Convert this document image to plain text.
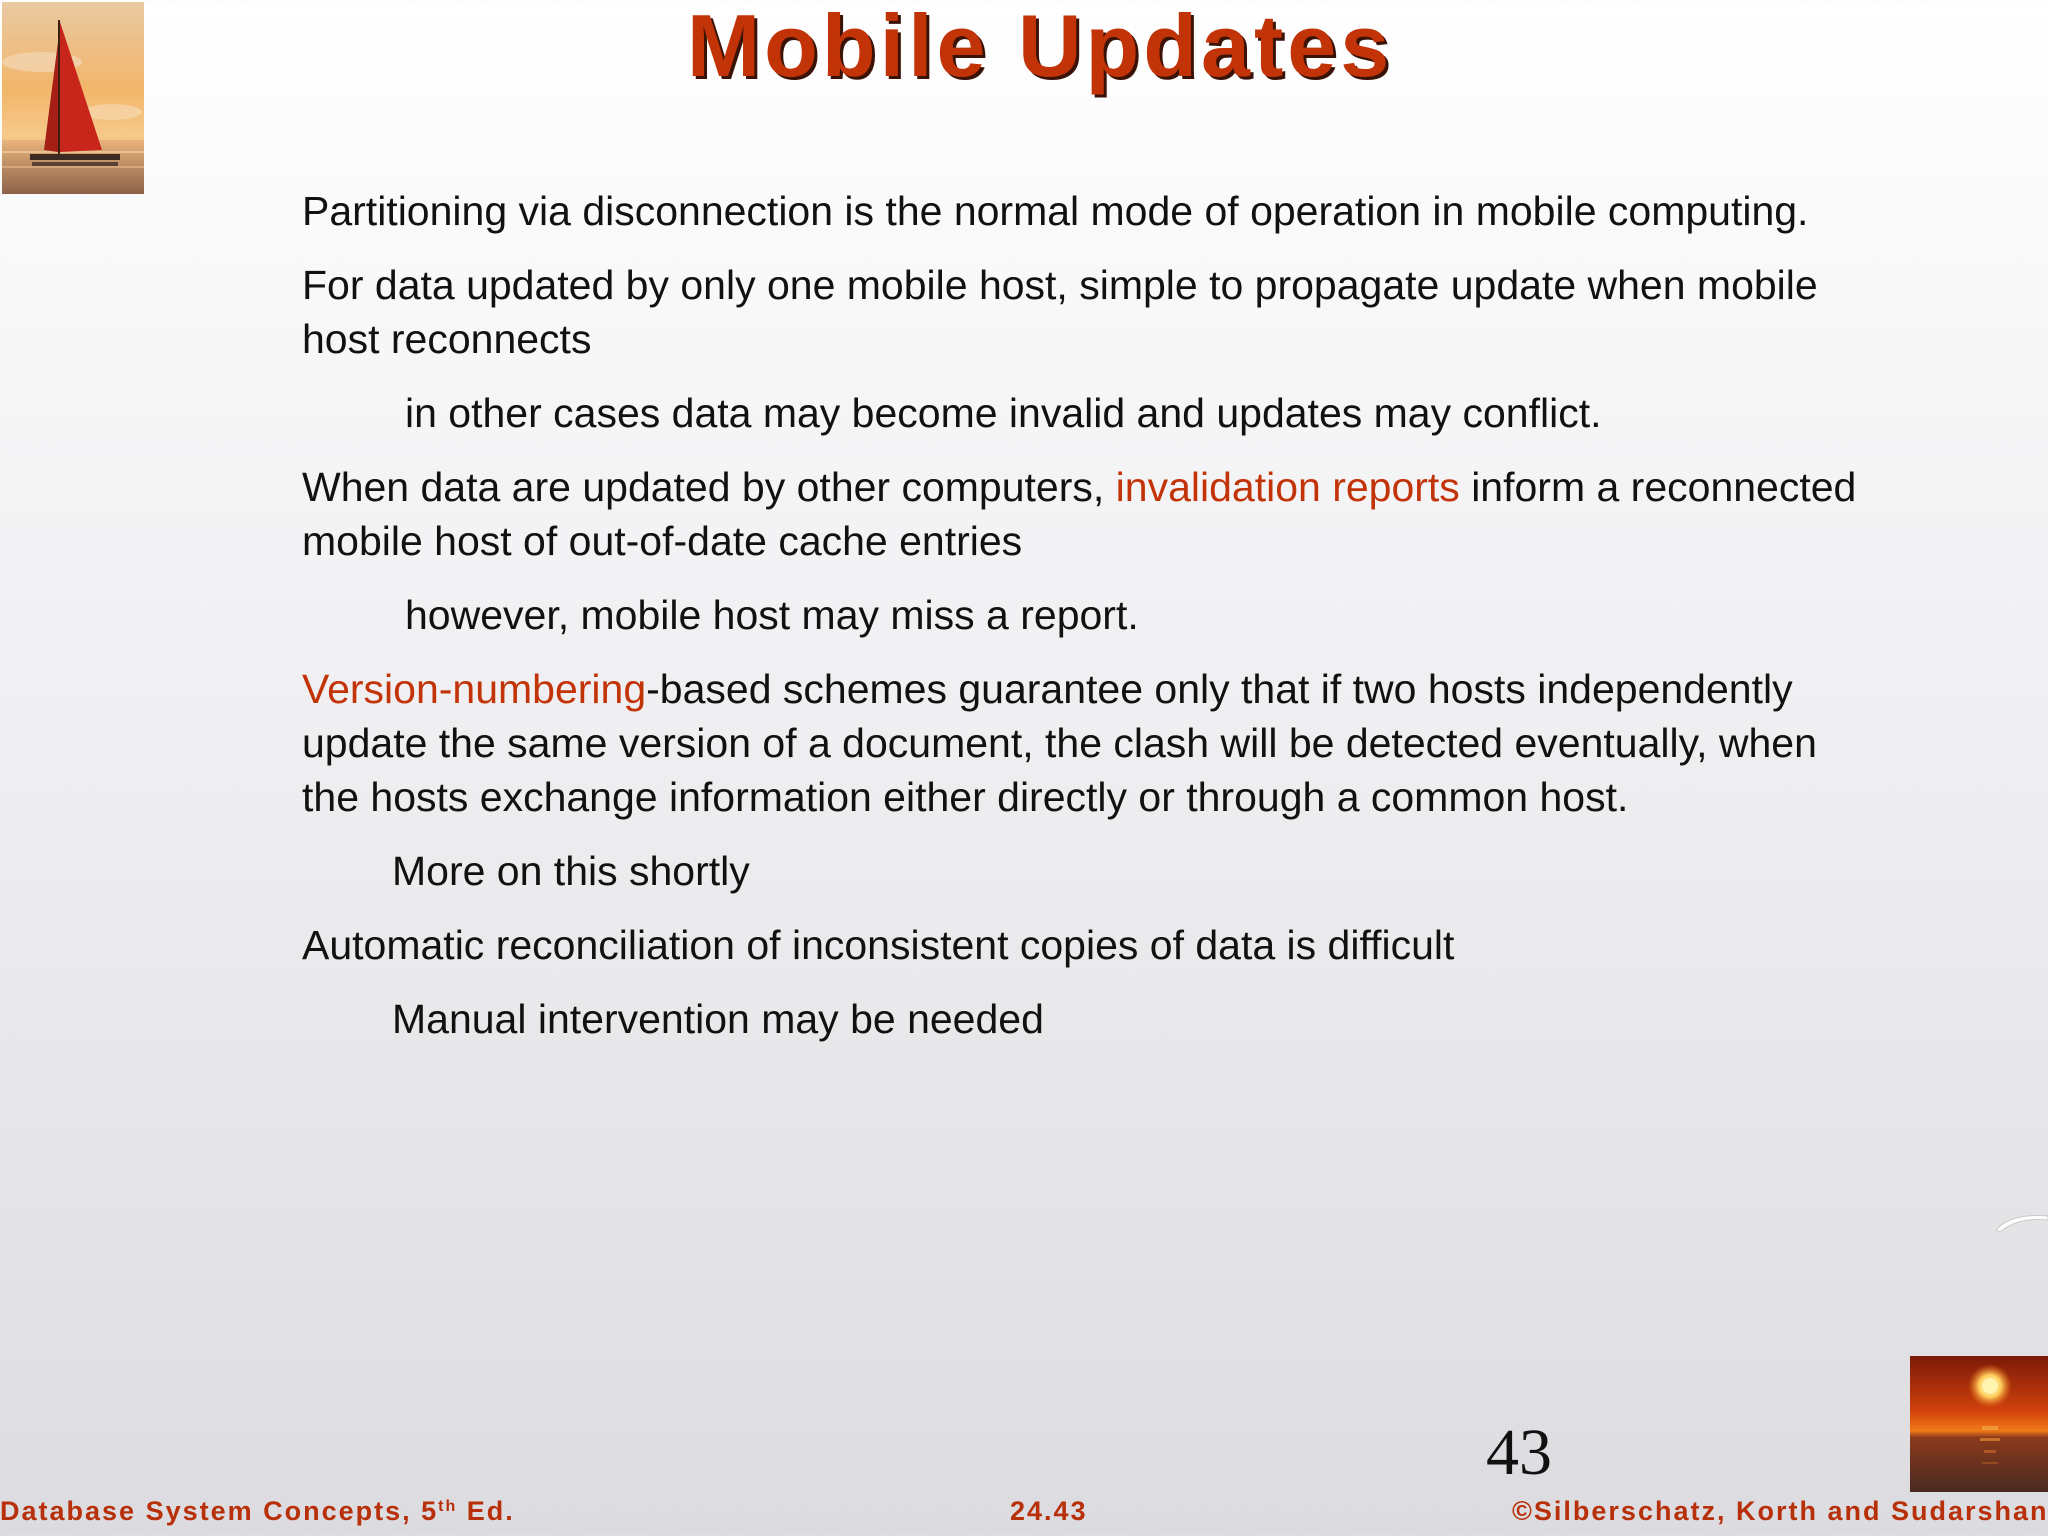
Mobile Updates

Partitioning via disconnection is the normal mode of operation in mobile computing.

For data updated by only one mobile host, simple to propagate update when mobile host reconnects

in other cases data may become invalid and updates may conflict.

When data are updated by other computers, invalidation reports inform a reconnected mobile host of out-of-date cache entries

however, mobile host may miss a report.

Version-numbering-based schemes guarantee only that if two hosts independently update the same version of a document, the clash will be detected eventually, when the hosts exchange information either directly or through a common host.

More on this shortly

Automatic reconciliation of inconsistent copies of data is difficult

Manual intervention may be needed

43
Database System Concepts, 5th Ed.	24.43	©Silberschatz, Korth and Sudarshan
